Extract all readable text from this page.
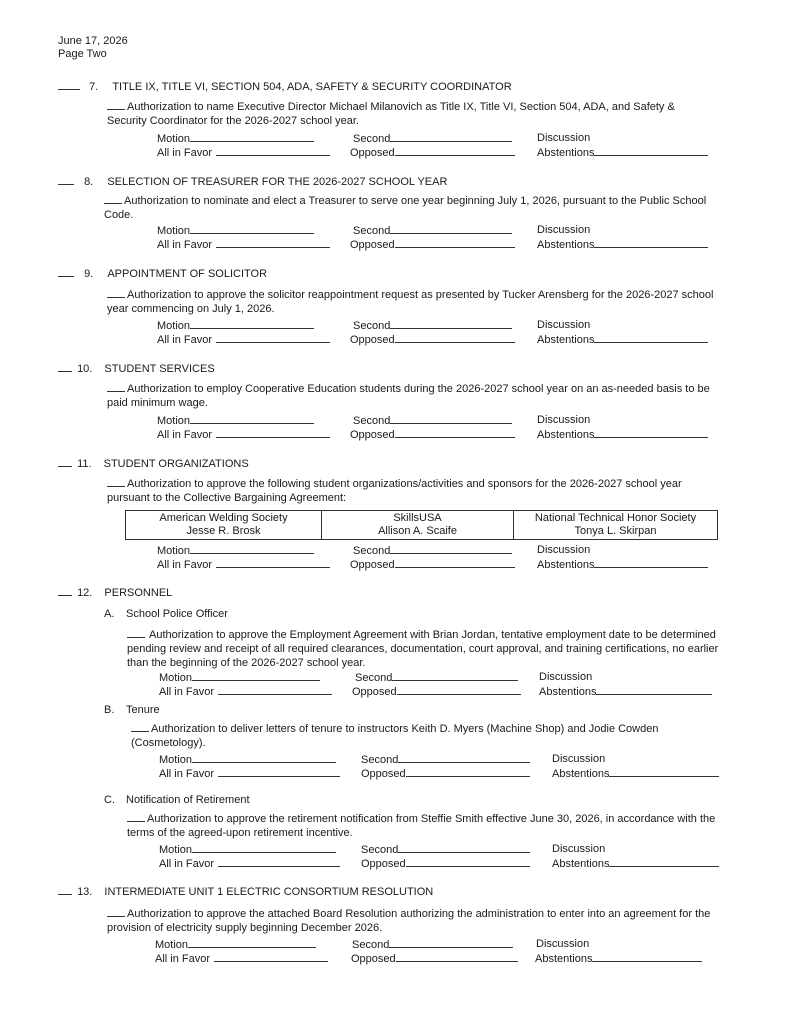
June 17, 2026
Page Two
7. TITLE IX, TITLE VI, SECTION 504, ADA, SAFETY & SECURITY COORDINATOR
Authorization to name Executive Director Michael Milanovich as Title IX, Title VI, Section 504, ADA, and Safety & Security Coordinator for the 2026-2027 school year.
Motion	Second	Discussion
All in Favor	Opposed	Abstentions
8. SELECTION OF TREASURER FOR THE 2026-2027 SCHOOL YEAR
Authorization to nominate and elect a Treasurer to serve one year beginning July 1, 2026, pursuant to the Public School Code.
Motion	Second	Discussion
All in Favor	Opposed	Abstentions
9. APPOINTMENT OF SOLICITOR
Authorization to approve the solicitor reappointment request as presented by Tucker Arensberg for the 2026-2027 school year commencing on July 1, 2026.
Motion	Second	Discussion
All in Favor	Opposed	Abstentions
10. STUDENT SERVICES
Authorization to employ Cooperative Education students during the 2026-2027 school year on an as-needed basis to be paid minimum wage.
Motion	Second	Discussion
All in Favor	Opposed	Abstentions
11. STUDENT ORGANIZATIONS
Authorization to approve the following student organizations/activities and sponsors for the 2026-2027 school year pursuant to the Collective Bargaining Agreement:
American Welding Society
Jesse R. Brosk

SkillsUSA
Allison A. Scaife

National Technical Honor Society
Tonya L. Skirpan
Motion	Second	Discussion
All in Favor	Opposed	Abstentions
12. PERSONNEL
A. School Police Officer
Authorization to approve the Employment Agreement with Brian Jordan, tentative employment date to be determined pending review and receipt of all required clearances, documentation, court approval, and training certifications, no earlier than the beginning of the 2026-2027 school year.
Motion	Second	Discussion
All in Favor	Opposed	Abstentions
B. Tenure
Authorization to deliver letters of tenure to instructors Keith D. Myers (Machine Shop) and Jodie Cowden (Cosmetology).
Motion	Second	Discussion
All in Favor	Opposed	Abstentions
C. Notification of Retirement
Authorization to approve the retirement notification from Steffie Smith effective June 30, 2026, in accordance with the terms of the agreed-upon retirement incentive.
Motion	Second	Discussion
All in Favor	Opposed	Abstentions
13. INTERMEDIATE UNIT 1 ELECTRIC CONSORTIUM RESOLUTION
Authorization to approve the attached Board Resolution authorizing the administration to enter into an agreement for the provision of electricity supply beginning December 2026.
Motion	Second	Discussion
All in Favor	Opposed	Abstentions
